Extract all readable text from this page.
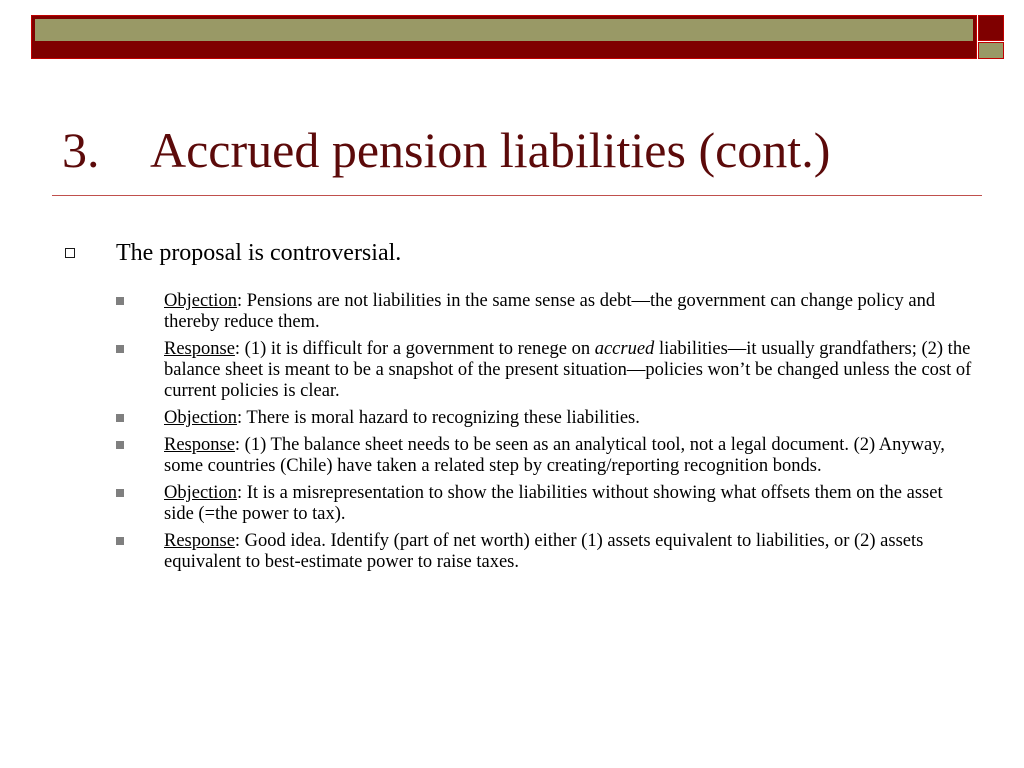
3. Accrued pension liabilities (cont.)
The proposal is controversial.
Objection: Pensions are not liabilities in the same sense as debt—the government can change policy and thereby reduce them.
Response: (1) it is difficult for a government to renege on accrued liabilities—it usually grandfathers; (2) the balance sheet is meant to be a snapshot of the present situation—policies won’t be changed unless the cost of current policies is clear.
Objection: There is moral hazard to recognizing these liabilities.
Response: (1) The balance sheet needs to be seen as an analytical tool, not a legal document. (2) Anyway, some countries (Chile) have taken a related step by creating/reporting recognition bonds.
Objection: It is a misrepresentation to show the liabilities without showing what offsets them on the asset side (=the power to tax).
Response: Good idea. Identify (part of net worth) either (1) assets equivalent to liabilities, or (2) assets equivalent to best-estimate power to raise taxes.
